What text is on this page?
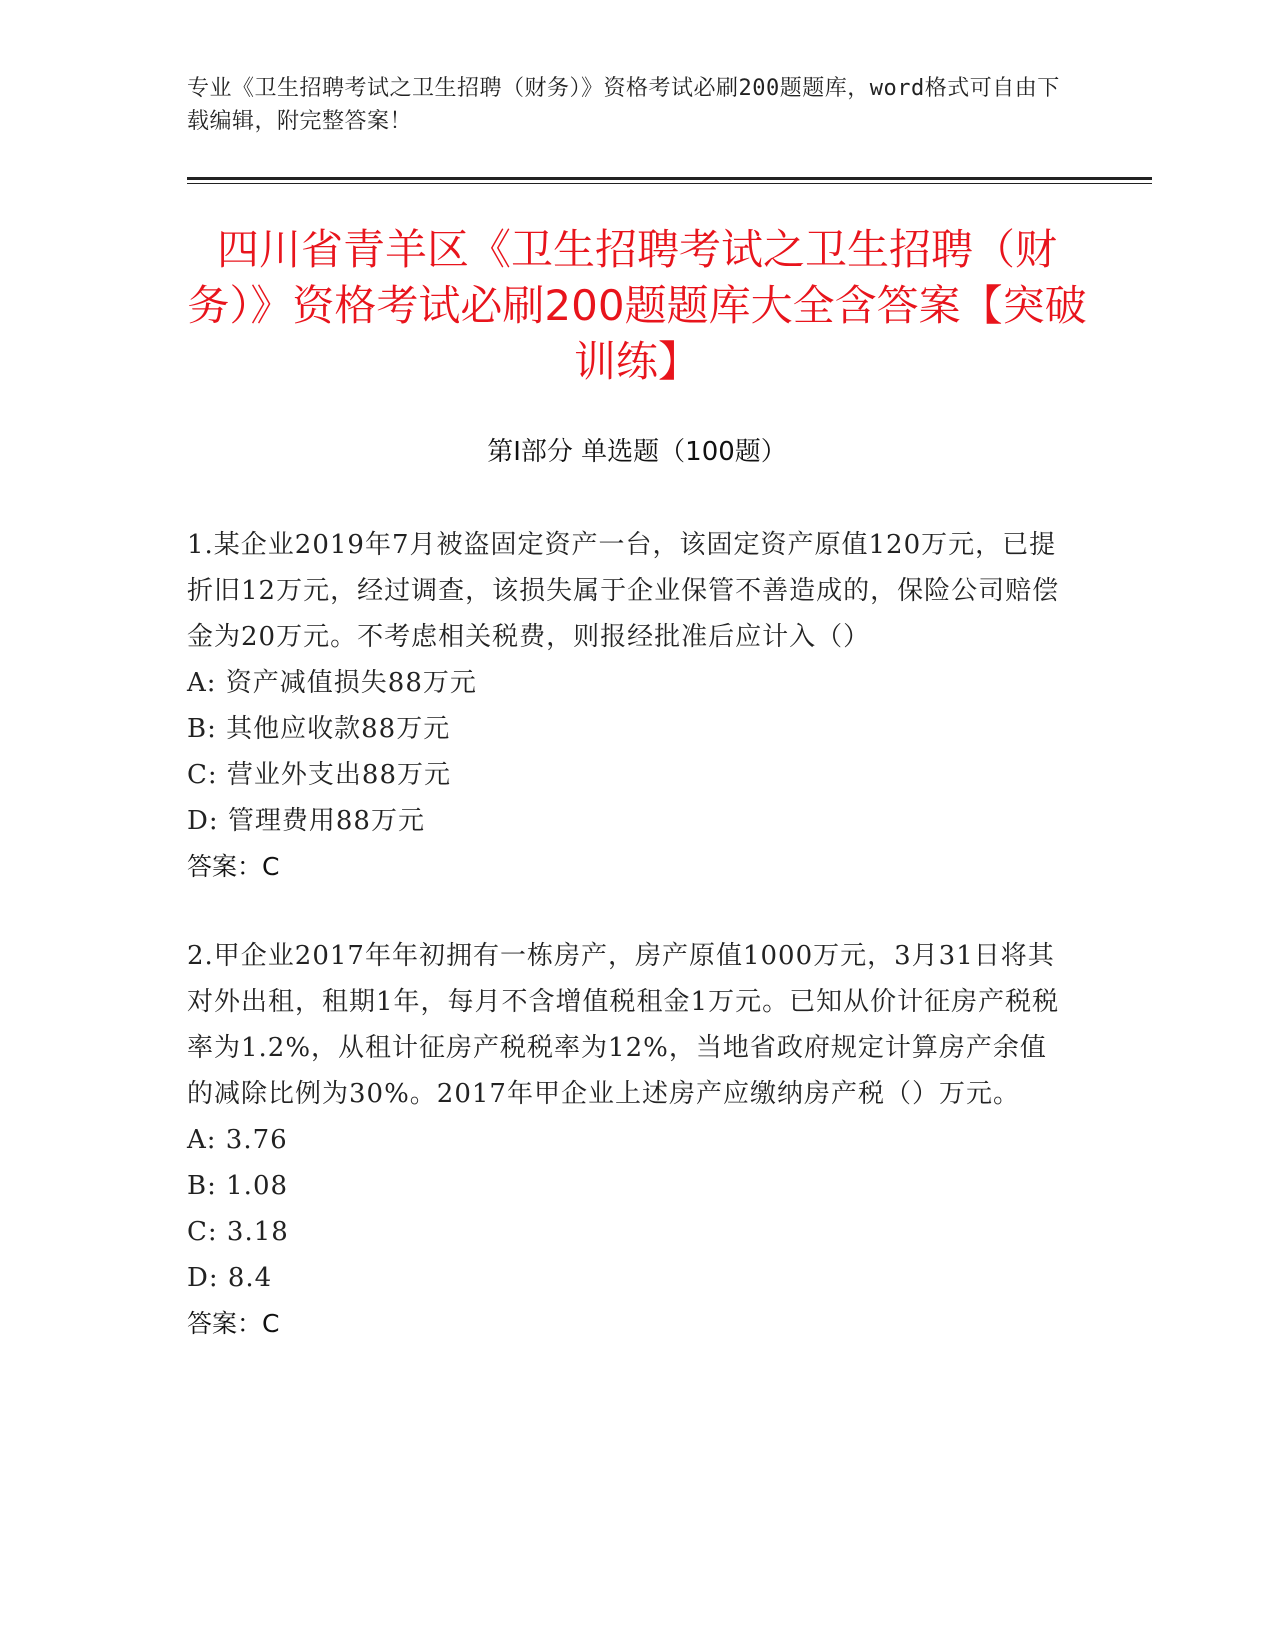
专业《卫生招聘考试之卫生招聘（财务）》资格考试必刷200题题库，word格式可自由下载编辑，附完整答案！
四川省青羊区《卫生招聘考试之卫生招聘（财务）》资格考试必刷200题题库大全含答案【突破训练】
第Ⅰ部分 单选题（100题）
1.某企业2019年7月被盗固定资产一台，该固定资产原值120万元，已提折旧12万元，经过调查，该损失属于企业保管不善造成的，保险公司赔偿金为20万元。不考虑相关税费，则报经批准后应计入（）
A: 资产减值损失88万元
B: 其他应收款88万元
C: 营业外支出88万元
D: 管理费用88万元
答案：C
2.甲企业2017年年初拥有一栋房产，房产原值1000万元，3月31日将其对外出租，租期1年，每月不含增值税租金1万元。已知从价计征房产税税率为1.2%，从租计征房产税税率为12%，当地省政府规定计算房产余值的减除比例为30%。2017年甲企业上述房产应缴纳房产税（）万元。
A: 3.76
B: 1.08
C: 3.18
D: 8.4
答案：C
